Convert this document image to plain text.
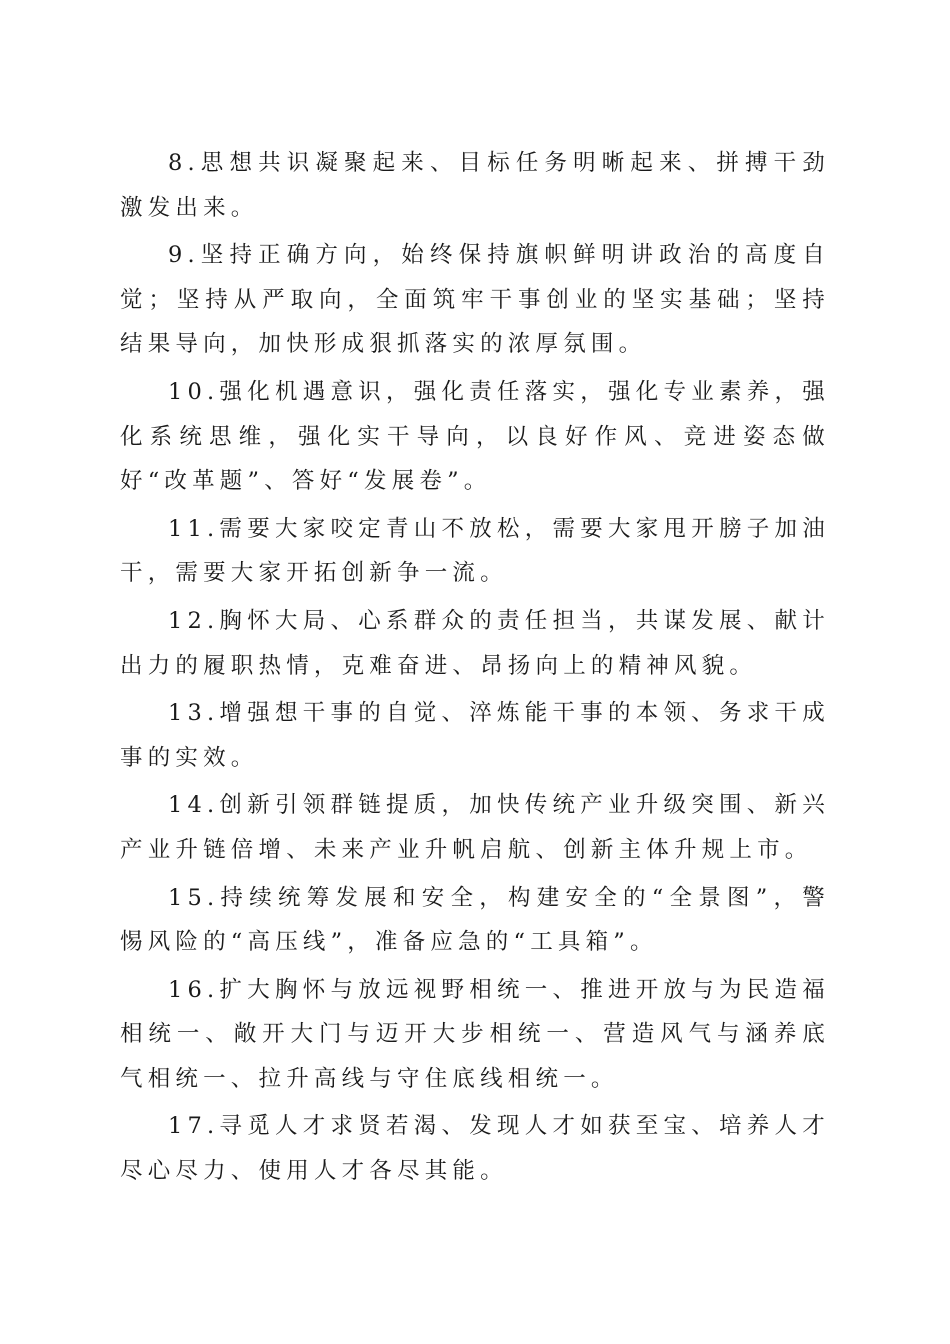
8.思想共识凝聚起来、目标任务明晰起来、拼搏干劲激发出来。

9.坚持正确方向，始终保持旗帜鲜明讲政治的高度自觉；坚持从严取向，全面筑牢干事创业的坚实基础；坚持结果导向，加快形成狠抓落实的浓厚氛围。

10.强化机遇意识，强化责任落实，强化专业素养，强化系统思维，强化实干导向，以良好作风、竞进姿态做好“改革题”、答好“发展卷”。

11.需要大家咬定青山不放松，需要大家甩开膀子加油干，需要大家开拓创新争一流。

12.胸怀大局、心系群众的责任担当，共谋发展、献计出力的履职热情，克难奋进、昂扬向上的精神风貌。

13.增强想干事的自觉、淬炼能干事的本领、务求干成事的实效。

14.创新引领群链提质，加快传统产业升级突围、新兴产业升链倍增、未来产业升帆启航、创新主体升规上市。

15.持续统筹发展和安全，构建安全的“全景图”，警惕风险的“高压线”，准备应急的“工具箱”。

16.扩大胸怀与放远视野相统一、推进开放与为民造福相统一、敞开大门与迈开大步相统一、营造风气与涵养底气相统一、拉升高线与守住底线相统一。

17.寻觅人才求贤若渴、发现人才如获至宝、培养人才尽心尽力、使用人才各尽其能。
